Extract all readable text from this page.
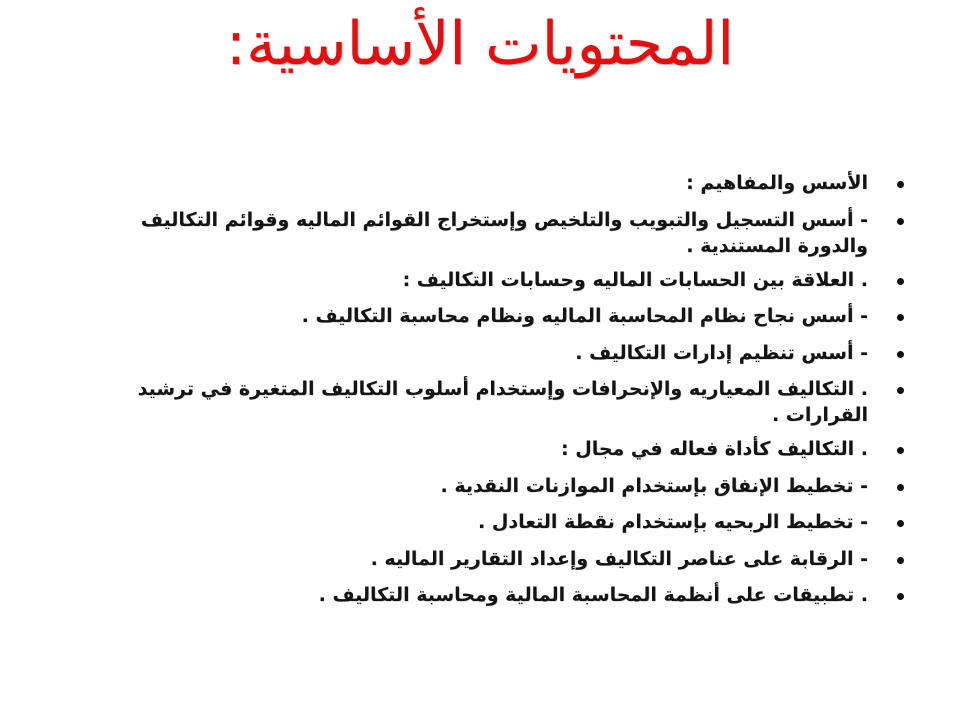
المحتويات الأساسية:
الأسس والمفاهيم :
- أسس التسجيل والتبويب والتلخيص وإستخراج القوائم الماليه وقوائم التكاليف والدورة المستندية .
. العلاقة بين الحسابات الماليه وحسابات التكاليف :
- أسس نجاح نظام المحاسبة الماليه ونظام محاسبة التكاليف .
- أسس تنظيم إدارات التكاليف .
. التكاليف المعياريه والإنحرافات وإستخدام أسلوب التكاليف المتغيرة في ترشيد القرارات .
. التكاليف كأداة فعاله في مجال :
- تخطيط الإنفاق بإستخدام الموازنات النقدية .
- تخطيط الربحيه بإستخدام نقطة التعادل .
- الرقابة على عناصر التكاليف وإعداد التقارير الماليه .
. تطبيقات على أنظمة المحاسبة المالية ومحاسبة التكاليف .
